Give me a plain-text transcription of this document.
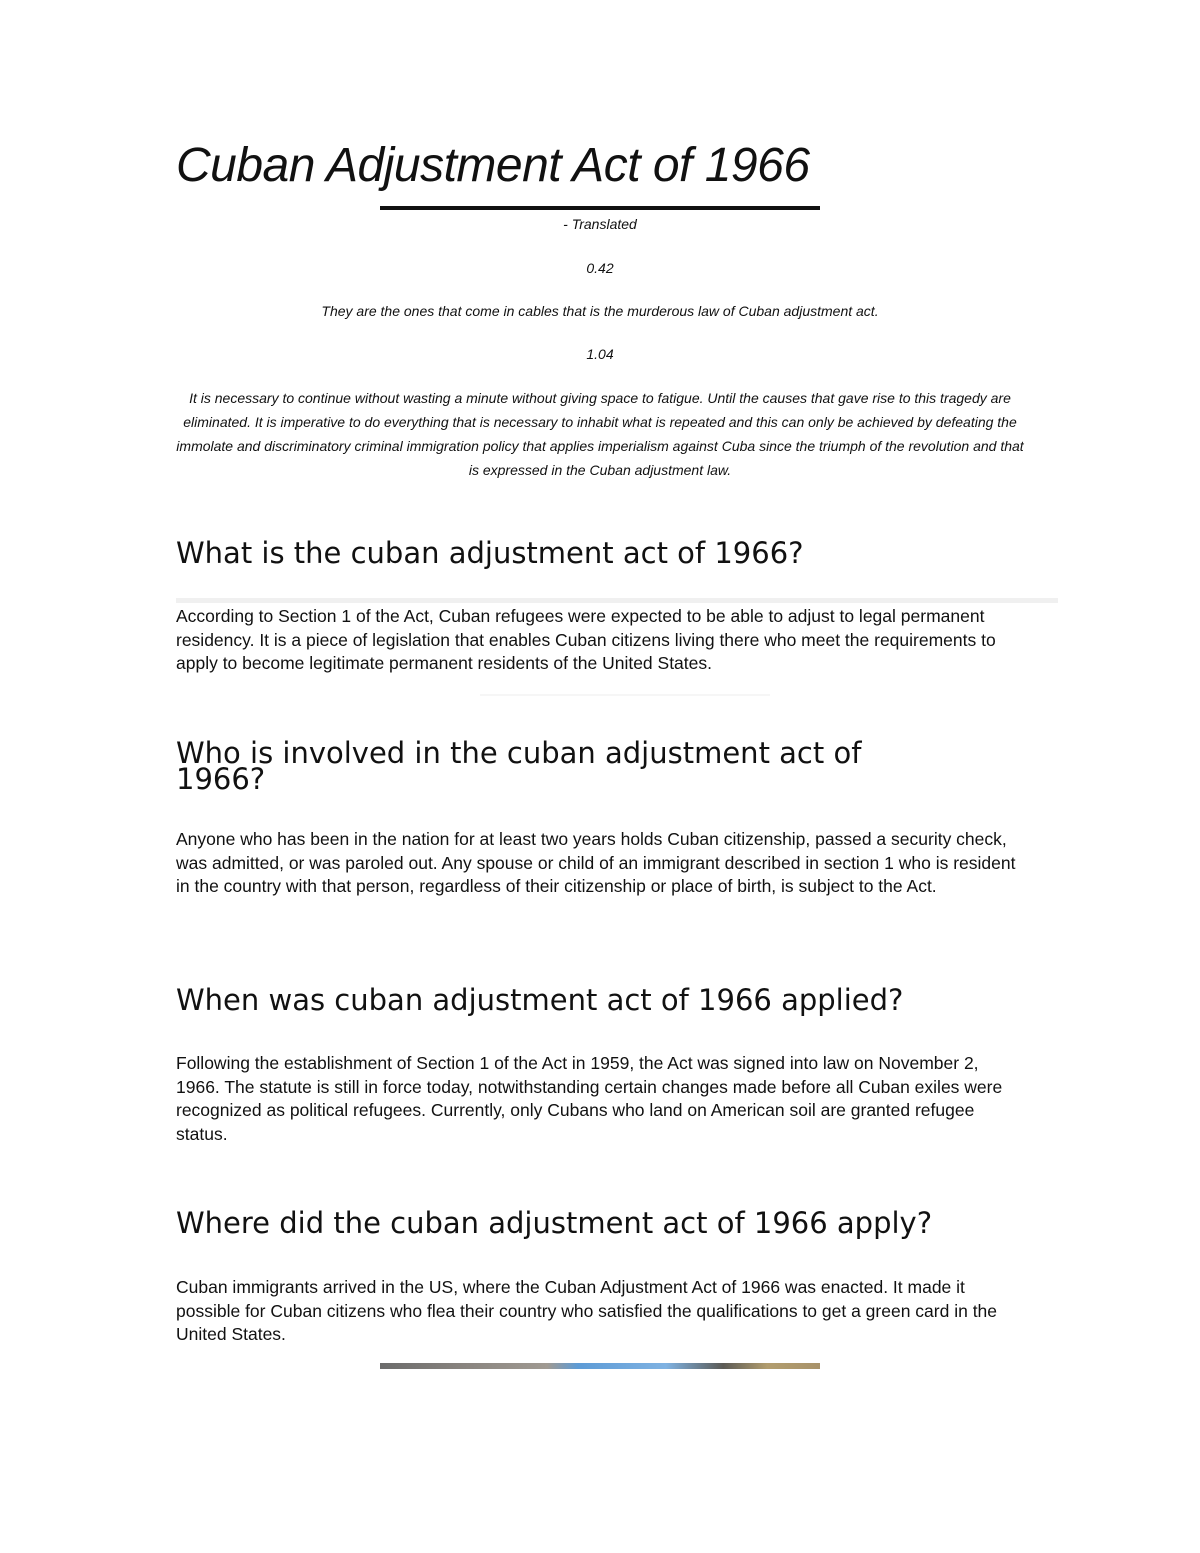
Cuban Adjustment Act of 1966

- Translated

0.42

They are the ones that come in cables that is the murderous law of Cuban adjustment act.

1.04

It is necessary to continue without wasting a minute without giving space to fatigue. Until the causes that gave rise to this tragedy are eliminated. It is imperative to do everything that is necessary to inhabit what is repeated and this can only be achieved by defeating the immolate and discriminatory criminal immigration policy that applies imperialism against Cuba since the triumph of the revolution and that is expressed in the Cuban adjustment law.

What is the cuban adjustment act of 1966?

According to Section 1 of the Act, Cuban refugees were expected to be able to adjust to legal permanent residency. It is a piece of legislation that enables Cuban citizens living there who meet the requirements to apply to become legitimate permanent residents of the United States.

Who is involved in the cuban adjustment act of 1966?

Anyone who has been in the nation for at least two years holds Cuban citizenship, passed a security check, was admitted, or was paroled out. Any spouse or child of an immigrant described in section 1 who is resident in the country with that person, regardless of their citizenship or place of birth, is subject to the Act.

When was cuban adjustment act of 1966 applied?

Following the establishment of Section 1 of the Act in 1959, the Act was signed into law on November 2, 1966. The statute is still in force today, notwithstanding certain changes made before all Cuban exiles were recognized as political refugees. Currently, only Cubans who land on American soil are granted refugee status.

Where did the cuban adjustment act of 1966 apply?

Cuban immigrants arrived in the US, where the Cuban Adjustment Act of 1966 was enacted. It made it possible for Cuban citizens who flea their country who satisfied the qualifications to get a green card in the United States.
